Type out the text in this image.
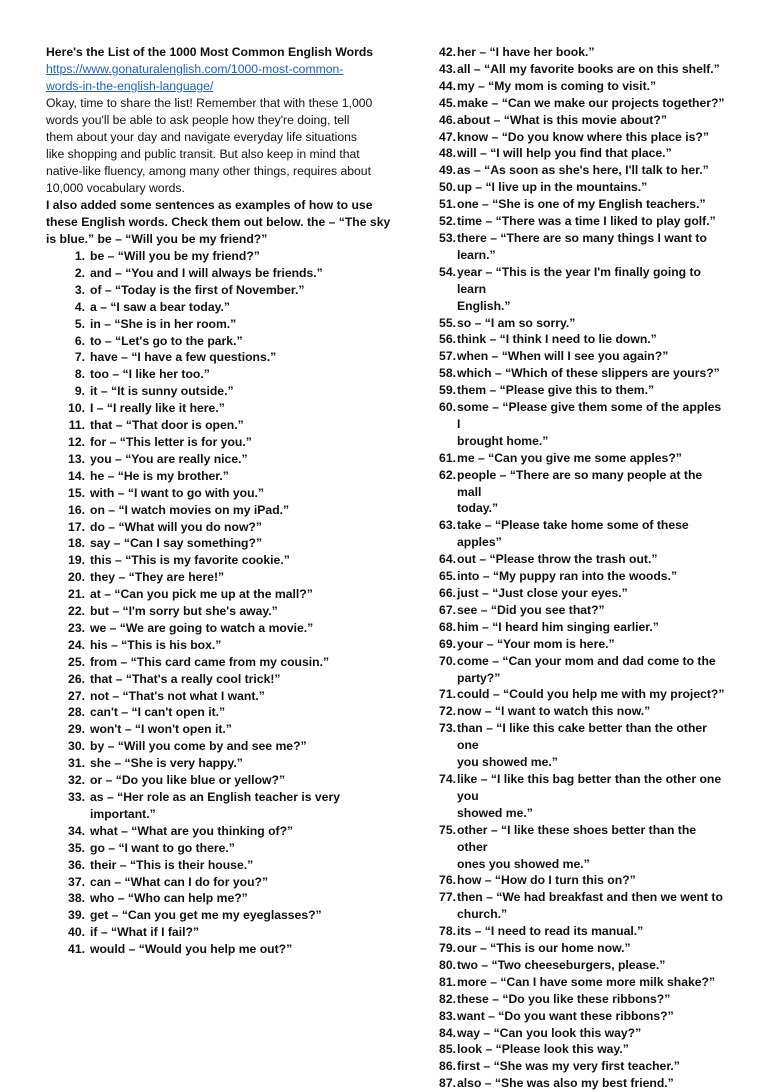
Here's the List of the 1000 Most Common English Words
https://www.gonaturalenglish.com/1000-most-common-
words-in-the-english-language/
Okay, time to share the list! Remember that with these 1,000
words you'll be able to ask people how they're doing, tell
them about your day and navigate everyday life situations
like shopping and public transit. But also keep in mind that
native-like fluency, among many other things, requires about
10,000 vocabulary words.
I also added some sentences as examples of how to use
these English words. Check them out below. the – “The sky
is blue.” be – “Will you be my friend?”
1. be – “Will you be my friend?”
2. and – “You and I will always be friends.”
3. of – “Today is the first of November.”
4. a – “I saw a bear today.”
5. in – “She is in her room.”
6. to – “Let's go to the park.”
7. have – “I have a few questions.”
8. too – “I like her too.”
9. it – “It is sunny outside.”
10. I – “I really like it here.”
11. that – “That door is open.”
12. for – “This letter is for you.”
13. you – “You are really nice.”
14. he – “He is my brother.”
15. with – “I want to go with you.”
16. on – “I watch movies on my iPad.”
17. do – “What will you do now?”
18. say – “Can I say something?”
19. this – “This is my favorite cookie.”
20. they – “They are here!”
21. at – “Can you pick me up at the mall?”
22. but – “I'm sorry but she's away.”
23. we – “We are going to watch a movie.”
24. his – “This is his box.”
25. from – “This card came from my cousin.”
26. that – “That's a really cool trick!”
27. not – “That's not what I want.”
28. can't – “I can't open it.”
29. won't – “I won't open it.”
30. by – “Will you come by and see me?”
31. she – “She is very happy.”
32. or – “Do you like blue or yellow?”
33. as – “Her role as an English teacher is very
important.”
34. what – “What are you thinking of?”
35. go – “I want to go there.”
36. their – “This is their house.”
37. can – “What can I do for you?”
38. who – “Who can help me?”
39. get – “Can you get me my eyeglasses?”
40. if – “What if I fail?”
41. would – “Would you help me out?”
42. her – “I have her book.”
43. all – “All my favorite books are on this shelf.”
44. my – “My mom is coming to visit.”
45. make – “Can we make our projects together?”
46. about – “What is this movie about?”
47. know – “Do you know where this place is?”
48. will – “I will help you find that place.”
49. as – “As soon as she's here, I'll talk to her.”
50. up – “I live up in the mountains.”
51. one – “She is one of my English teachers.”
52. time – “There was a time I liked to play golf.”
53. there – “There are so many things I want to learn.”
54. year – “This is the year I'm finally going to learn
English.”
55. so – “I am so sorry.”
56. think – “I think I need to lie down.”
57. when – “When will I see you again?”
58. which – “Which of these slippers are yours?”
59. them – “Please give this to them.”
60. some – “Please give them some of the apples I
brought home.”
61. me – “Can you give me some apples?”
62. people – “There are so many people at the mall
today.”
63. take – “Please take home some of these apples”
64. out – “Please throw the trash out.”
65. into – “My puppy ran into the woods.”
66. just – “Just close your eyes.”
67. see – “Did you see that?”
68. him – “I heard him singing earlier.”
69. your – “Your mom is here.”
70. come – “Can your mom and dad come to the
party?”
71. could – “Could you help me with my project?”
72. now – “I want to watch this now.”
73. than – “I like this cake better than the other one
you showed me.”
74. like – “I like this bag better than the other one you
showed me.”
75. other – “I like these shoes better than the other
ones you showed me.”
76. how – “How do I turn this on?”
77. then – “We had breakfast and then we went to
church.”
78. its – “I need to read its manual.”
79. our – “This is our home now.”
80. two – “Two cheeseburgers, please.”
81. more – “Can I have some more milk shake?”
82. these – “Do you like these ribbons?”
83. want – “Do you want these ribbons?”
84. way – “Can you look this way?”
85. look – “Please look this way.”
86. first – “She was my very first teacher.”
87. also – “She was also my best friend.”
